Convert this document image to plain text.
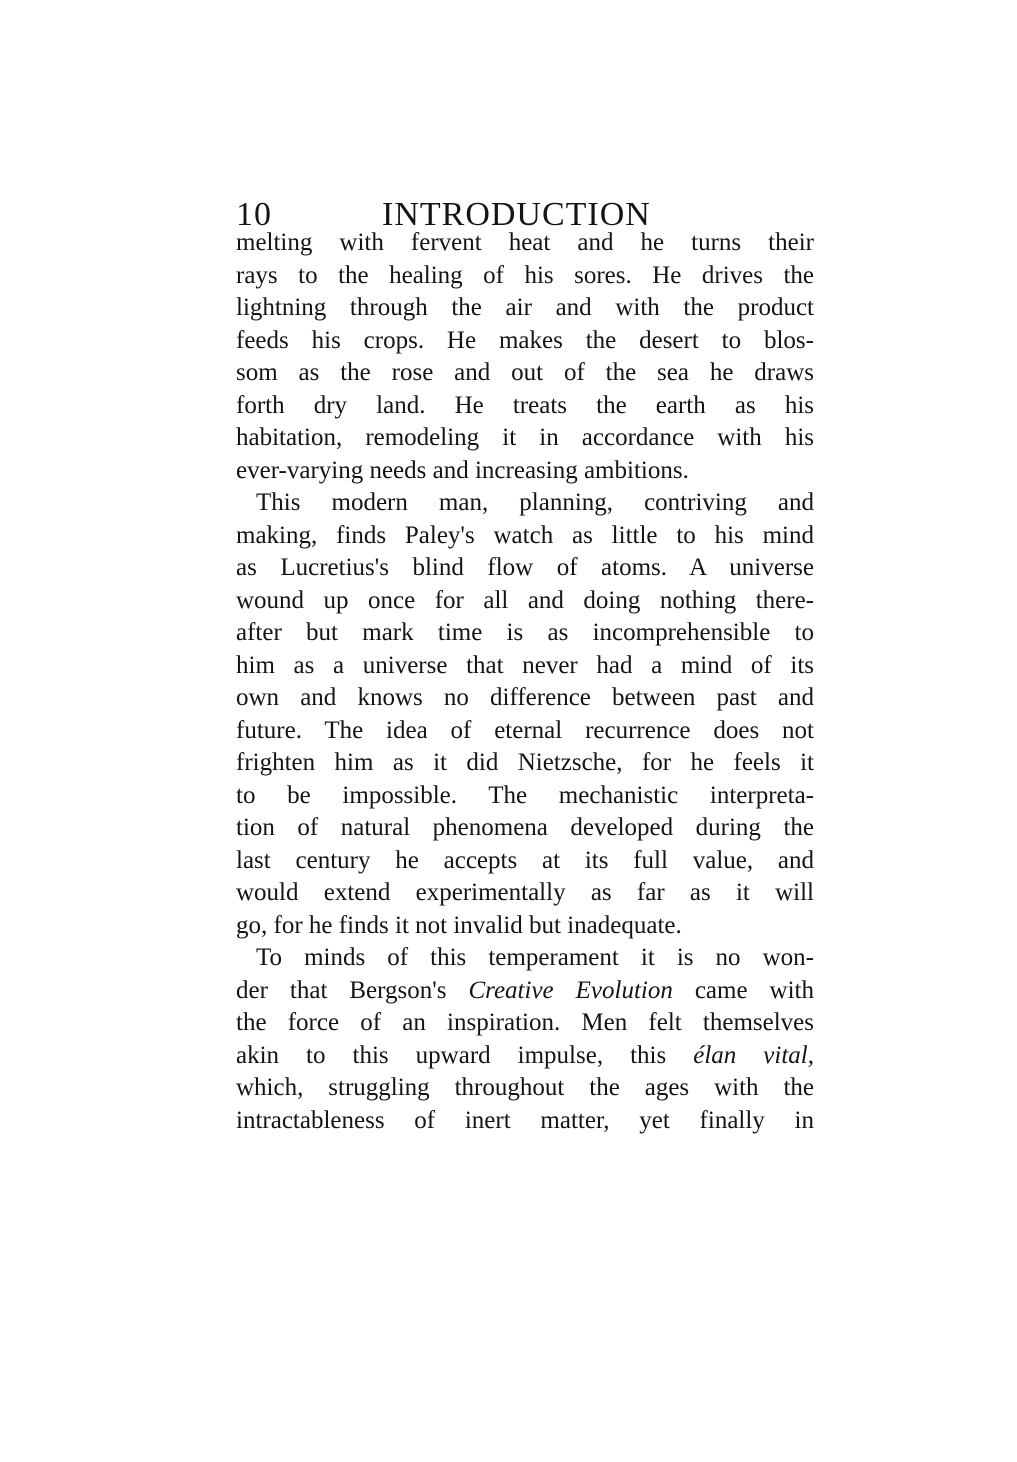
10	INTRODUCTION
melting with fervent heat and he turns their
rays to the healing of his sores. He drives the
lightning through the air and with the product
feeds his crops. He makes the desert to blos-
som as the rose and out of the sea he draws
forth dry land. He treats the earth as his
habitation, remodeling it in accordance with his
ever-varying needs and increasing ambitions.
This modern man, planning, contriving and
making, finds Paley's watch as little to his mind
as Lucretius's blind flow of atoms. A universe
wound up once for all and doing nothing there-
after but mark time is as incomprehensible to
him as a universe that never had a mind of its
own and knows no difference between past and
future. The idea of eternal recurrence does not
frighten him as it did Nietzsche, for he feels it
to be impossible. The mechanistic interpreta-
tion of natural phenomena developed during the
last century he accepts at its full value, and
would extend experimentally as far as it will
go, for he finds it not invalid but inadequate.
To minds of this temperament it is no won-
der that Bergson's Creative Evolution came with
the force of an inspiration. Men felt themselves
akin to this upward impulse, this élan vital,
which, struggling throughout the ages with the
intractableness of inert matter, yet finally in
